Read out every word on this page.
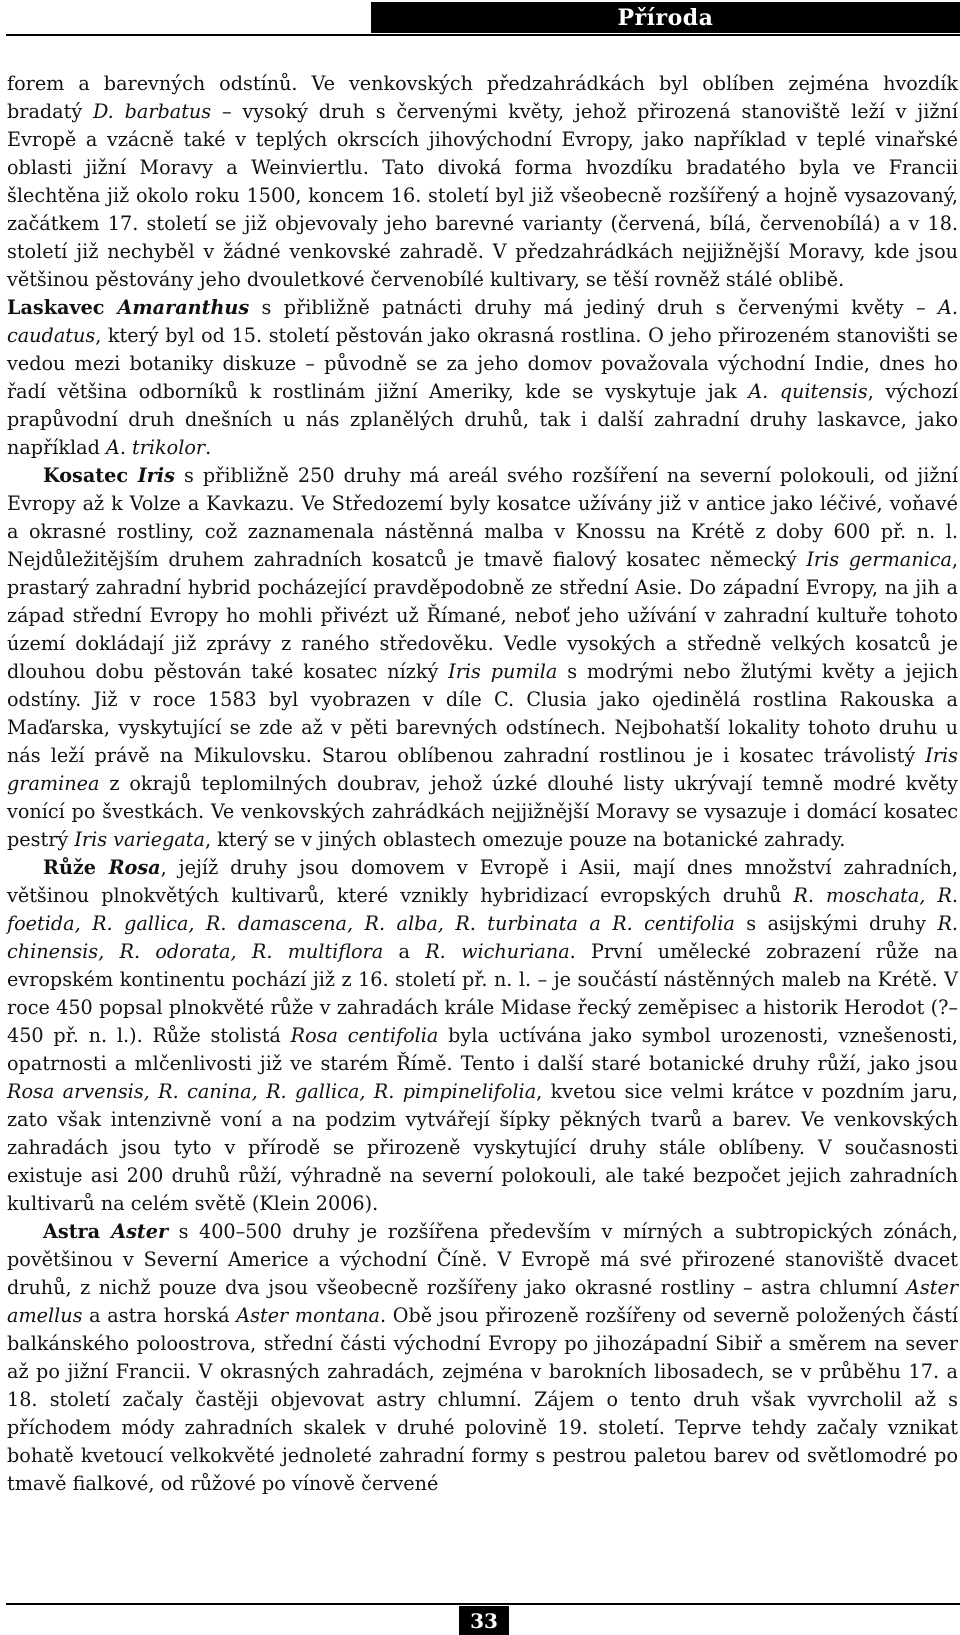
Příroda

forem a barevných odstínů. Ve venkovských předzahrádkách byl oblíben zejména hvozdík bradatý D. barbatus – vysoký druh s červenými květy, jehož přirozená stanoviště leží v jižní Evropě a vzácně také v teplých okrscích jihovýchodní Evropy, jako například v teplé vinařské oblasti jižní Moravy a Weinviertlu. Tato divoká forma hvozdíku bradatého byla ve Francii šlechtěna již okolo roku 1500, koncem 16. století byl již všeobecně rozšířený a hojně vysazovaný, začátkem 17. století se již objevovaly jeho barevné varianty (červená, bílá, červenobílá) a v 18. století již nechyběl v žádné venkovské zahradě. V předzahrádkách nejjižnější Moravy, kde jsou většinou pěstovány jeho dvouletkové červenobílé kultivary, se těší rovněž stálé oblibě.

Laskavec Amaranthus s přibližně patnácti druhy má jediný druh s červenými květy – A. caudatus, který byl od 15. století pěstován jako okrasná rostlina. O jeho přirozeném stanovišti se vedou mezi botaniky diskuze – původně se za jeho domov považovala východní Indie, dnes ho řadí většina odborníků k rostlinám jižní Ameriky, kde se vyskytuje jak A. quitensis, výchozí prapůvodní druh dnešních u nás zplanělých druhů, tak i další zahradní druhy laskavce, jako například A. trikolor.

Kosatec Iris s přibližně 250 druhy má areál svého rozšíření na severní polokouli, od jižní Evropy až k Volze a Kavkazu. Ve Středozemí byly kosatce užívány již v antice jako léčivé, voňavé a okrasné rostliny, což zaznamenala nástěnná malba v Knossu na Krétě z doby 600 př. n. l. Nejdůležitějším druhem zahradních kosatců je tmavě fialový kosatec německý Iris germanica, prastarý zahradní hybrid pocházející pravděpodobně ze střední Asie. Do západní Evropy, na jih a západ střední Evropy ho mohli přivézt už Římané, neboť jeho užívání v zahradní kultuře tohoto území dokládají již zprávy z raného středověku. Vedle vysokých a středně velkých kosatců je dlouhou dobu pěstován také kosatec nízký Iris pumila s modrými nebo žlutými květy a jejich odstíny. Již v roce 1583 byl vyobrazen v díle C. Clusia jako ojedinělá rostlina Rakouska a Maďarska, vyskytující se zde až v pěti barevných odstínech. Nejbohatší lokality tohoto druhu u nás leží právě na Mikulovsku. Starou oblíbenou zahradní rostlinou je i kosatec trávolistý Iris graminea z okrajů teplomilných doubrav, jehož úzké dlouhé listy ukrývají temně modré květy vonící po švestkách. Ve venkovských zahrádkách nejjižnější Moravy se vysazuje i domácí kosatec pestrý Iris variegata, který se v jiných oblastech omezuje pouze na botanické zahrady.

Růže Rosa, jejíž druhy jsou domovem v Evropě i Asii, mají dnes množství zahradních, většinou plnokvětých kultivarů, které vznikly hybridizací evropských druhů R. moschata, R. foetida, R. gallica, R. damascena, R. alba, R. turbinata a R. centifolia s asijskými druhy R. chinensis, R. odorata, R. multiflora a R. wichuriana. První umělecké zobrazení růže na evropském kontinentu pochází již z 16. století př. n. l. – je součástí nástěnných maleb na Krétě. V roce 450 popsal plnokvěté růže v zahradách krále Midase řecký zeměpisec a historik Herodot (?–450 př. n. l.). Růže stolistá Rosa centifolia byla uctívána jako symbol urozenosti, vznešenosti, opatrnosti a mlčenlivosti již ve starém Římě. Tento i další staré botanické druhy růží, jako jsou Rosa arvensis, R. canina, R. gallica, R. pimpinelifolia, kvetou sice velmi krátce v pozdním jaru, zato však intenzivně voní a na podzim vytvářejí šípky pěkných tvarů a barev. Ve venkovských zahradách jsou tyto v přírodě se přirozeně vyskytující druhy stále oblíbeny. V současnosti existuje asi 200 druhů růží, výhradně na severní polokouli, ale také bezpočet jejich zahradních kultivarů na celém světě (Klein 2006).

Astra Aster s 400–500 druhy je rozšířena především v mírných a subtropických zónách, povětšinou v Severní Americe a východní Číně. V Evropě má své přirozené stanoviště dvacet druhů, z nichž pouze dva jsou všeobecně rozšířeny jako okrasné rostliny – astra chlumní Aster amellus a astra horská Aster montana. Obě jsou přirozeně rozšířeny od severně položených částí balkánského poloostrova, střední části východní Evropy po jihozápadní Sibiř a směrem na sever až po jižní Francii. V okrasných zahradách, zejména v barokních libosadech, se v průběhu 17. a 18. století začaly častěji objevovat astry chlumní. Zájem o tento druh však vyvrcholil až s příchodem módy zahradních skalek v druhé polovině 19. století. Teprve tehdy začaly vznikat bohatě kvetoucí velkokvěté jednoleté zahradní formy s pestrou paletou barev od světlomodré po tmavě fialkové, od růžové po vínově červené

33
